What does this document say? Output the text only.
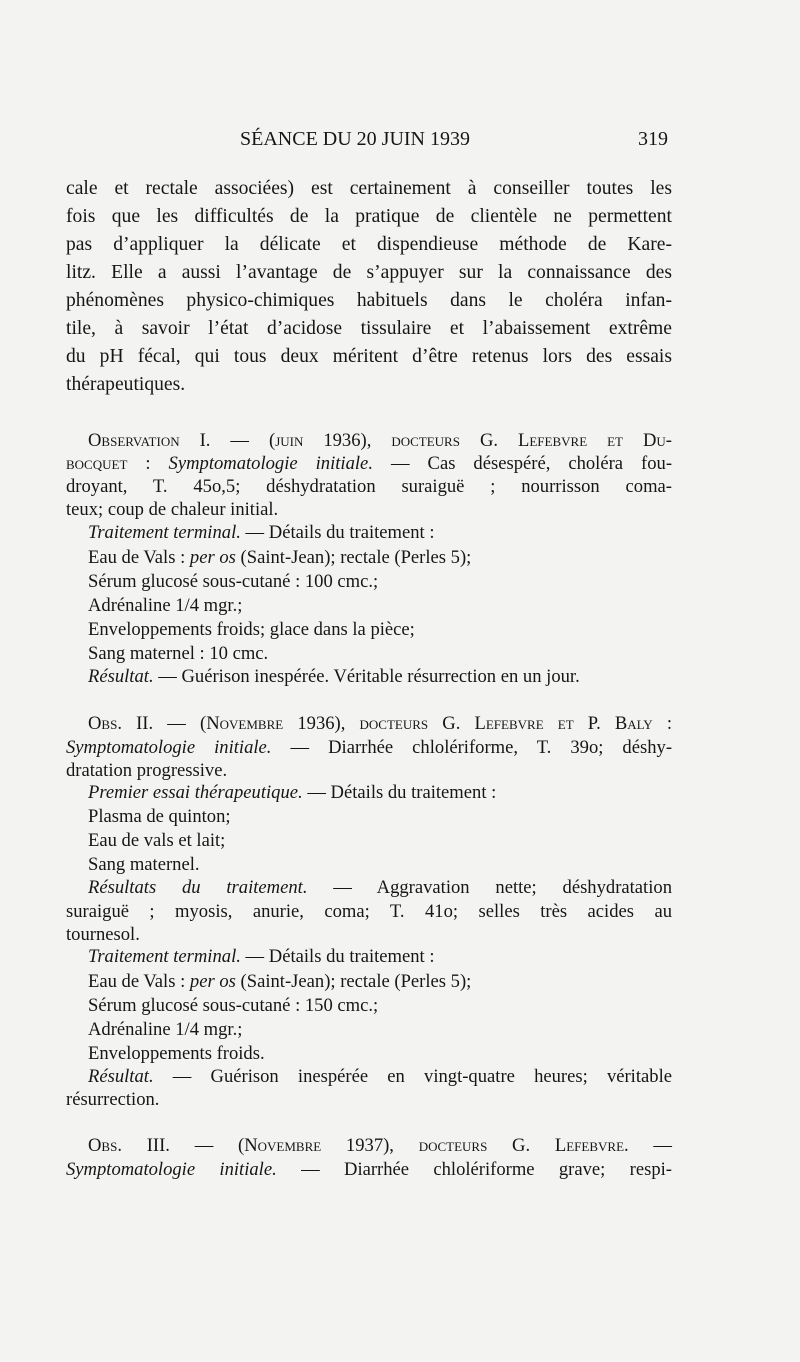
SÉANCE DU 20 JUIN 1939	319
cale et rectale associées) est certainement à conseiller toutes les
fois que les difficultés de la pratique de clientèle ne permettent
pas d’appliquer la délicate et dispendieuse méthode de Kare-
litz. Elle a aussi l’avantage de s’appuyer sur la connaissance des
phénomènes physico-chimiques habituels dans le choléra infan-
tile, à savoir l’état d’acidose tissulaire et l’abaissement extrême
du pH fécal, qui tous deux méritent d’être retenus lors des essais
thérapeutiques.
Observation I. — (juin 1936), docteurs G. Lefebvre et Du-
bocquet : Symptomatologie initiale. — Cas désespéré, choléra fou-
droyant, T. 45o,5; déshydratation suraiguë ; nourrisson coma-
teux; coup de chaleur initial.
Traitement terminal. — Détails du traitement :
Eau de Vals : per os (Saint-Jean); rectale (Perles 5);
Sérum glucosé sous-cutané : 100 cmc.;
Adrénaline 1/4 mgr.;
Enveloppements froids; glace dans la pièce;
Sang maternel : 10 cmc.
Résultat. — Guérison inespérée. Véritable résurrection en un jour.
Obs. II. — (Novembre 1936), docteurs G. Lefebvre et P. Baly :
Symptomatologie initiale. — Diarrhée chlolériforme, T. 39o; déshy-
dratation progressive.
Premier essai thérapeutique. — Détails du traitement :
Plasma de quinton;
Eau de vals et lait;
Sang maternel.
Résultats du traitement. — Aggravation nette; déshydratation
suraiguë ; myosis, anurie, coma; T. 41o; selles très acides au
tournesol.
Traitement terminal. — Détails du traitement :
Eau de Vals : per os (Saint-Jean); rectale (Perles 5);
Sérum glucosé sous-cutané : 150 cmc.;
Adrénaline 1/4 mgr.;
Enveloppements froids.
Résultat. — Guérison inespérée en vingt-quatre heures; véritable
résurrection.
Obs. III. — (Novembre 1937), docteurs G. Lefebvre. —
Symptomatologie initiale. — Diarrhée chlolériforme grave; respi-
